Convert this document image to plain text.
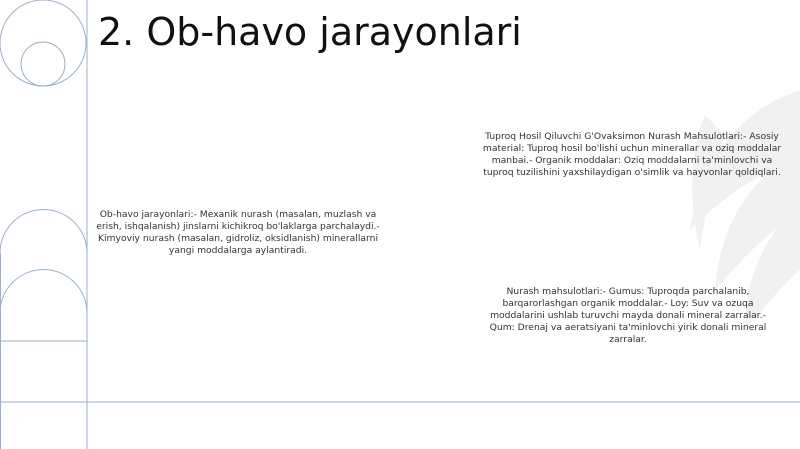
2. Ob-havo jarayonlari

Ob-havo jarayonlari:- Mexanik nurash (masalan, muzlash va erish, ishqalanish) jinslarni kichikroq bo'laklarga parchalaydi.- Kimyoviy nurash (masalan, gidroliz, oksidlanish) minerallarni yangi moddalarga aylantiradi.

Tuproq Hosil Qiluvchi G'Ovaksimon Nurash Mahsulotlari:- Asosiy material: Tuproq hosil bo'lishi uchun minerallar va oziq moddalar manbai.- Organik moddalar: Oziq moddalarni ta'minlovchi va tuproq tuzilishini yaxshilaydigan o'simlik va hayvonlar qoldiqlari.

Nurash mahsulotlari:- Gumus: Tuproqda parchalanib, barqarorlashgan organik moddalar.- Loy: Suv va ozuqa moddalarini ushlab turuvchi mayda donali mineral zarralar.- Qum: Drenaj va aeratsiyani ta'minlovchi yirik donali mineral zarralar.
